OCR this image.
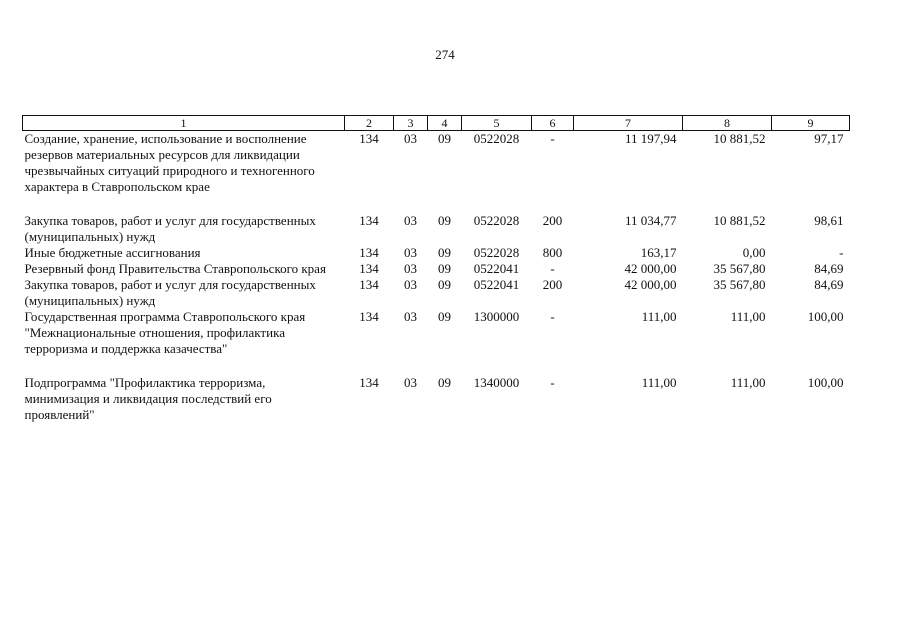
274
1	2	3	4	5	6	7	8	9
Создание, хранение, использование и восполнение резервов материальных ресурсов для ликвидации чрезвычайных ситуаций природного и техногенного характера в Ставропольском крае	134	03	09	0522028	-	11 197,94	10 881,52	97,17

Закупка товаров, работ и услуг для государственных (муниципальных) нужд	134	03	09	0522028	200	11 034,77	10 881,52	98,61
Иные бюджетные ассигнования	134	03	09	0522028	800	163,17	0,00	-
Резервный фонд Правительства Ставропольского края	134	03	09	0522041	-	42 000,00	35 567,80	84,69
Закупка товаров, работ и услуг для государственных (муниципальных) нужд	134	03	09	0522041	200	42 000,00	35 567,80	84,69
Государственная программа Ставропольского края "Межнациональные отношения, профилактика терроризма и поддержка казачества"	134	03	09	1300000	-	111,00	111,00	100,00

Подпрограмма "Профилактика терроризма, минимизация и ликвидация последствий его проявлений"	134	03	09	1340000	-	111,00	111,00	100,00
